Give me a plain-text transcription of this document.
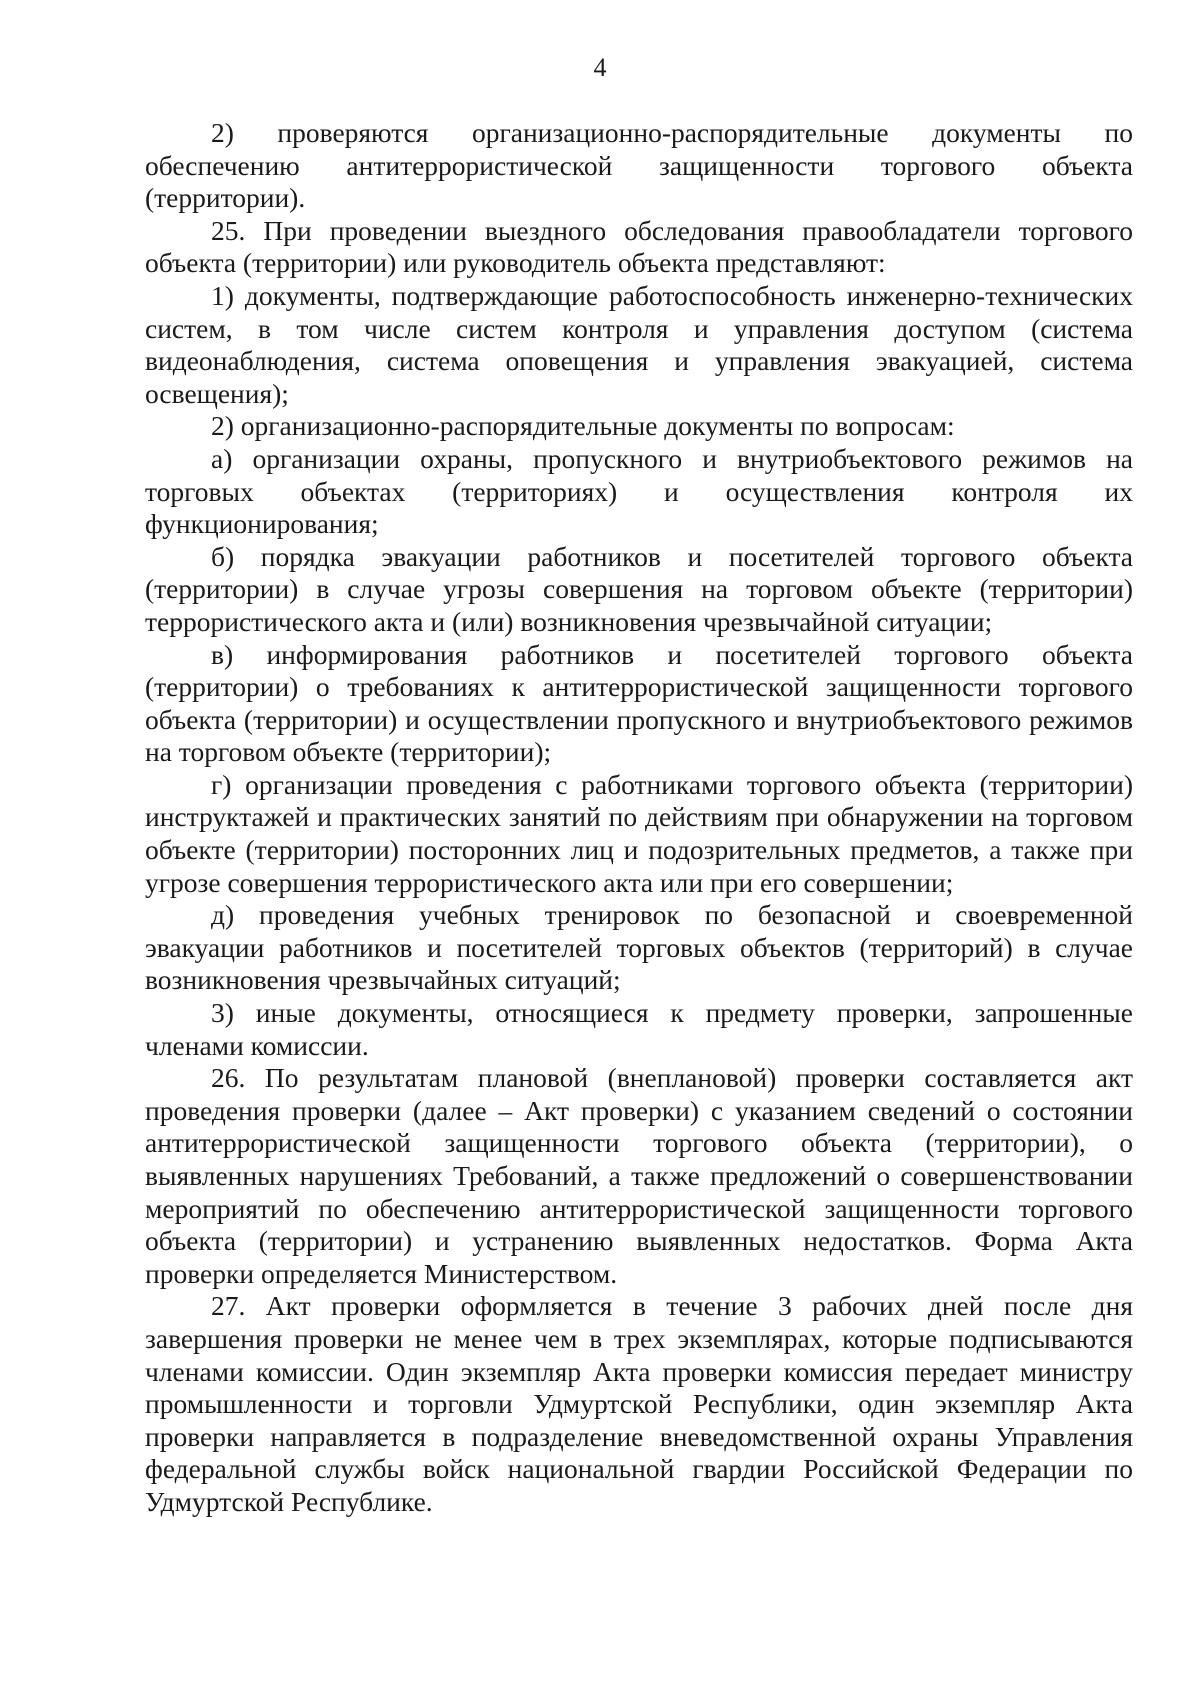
4

2) проверяются организационно-распорядительные документы по обеспечению антитеррористической защищенности торгового объекта (территории).

25. При проведении выездного обследования правообладатели торгового объекта (территории) или руководитель объекта представляют:

1) документы, подтверждающие работоспособность инженерно-технических систем, в том числе систем контроля и управления доступом (система видеонаблюдения, система оповещения и управления эвакуацией, система освещения);

2) организационно-распорядительные документы по вопросам:

а) организации охраны, пропускного и внутриобъектового режимов на торговых объектах (территориях) и осуществления контроля их функционирования;

б) порядка эвакуации работников и посетителей торгового объекта (территории) в случае угрозы совершения на торговом объекте (территории) террористического акта и (или) возникновения чрезвычайной ситуации;

в) информирования работников и посетителей торгового объекта (территории) о требованиях к антитеррористической защищенности торгового объекта (территории) и осуществлении пропускного и внутриобъектового режимов на торговом объекте (территории);

г) организации проведения с работниками торгового объекта (территории) инструктажей и практических занятий по действиям при обнаружении на торговом объекте (территории) посторонних лиц и подозрительных предметов, а также при угрозе совершения террористического акта или при его совершении;

д) проведения учебных тренировок по безопасной и своевременной эвакуации работников и посетителей торговых объектов (территорий) в случае возникновения чрезвычайных ситуаций;

3) иные документы, относящиеся к предмету проверки, запрошенные членами комиссии.

26. По результатам плановой (внеплановой) проверки составляется акт проведения проверки (далее – Акт проверки) с указанием сведений о состоянии антитеррористической защищенности торгового объекта (территории), о выявленных нарушениях Требований, а также предложений о совершенствовании мероприятий по обеспечению антитеррористической защищенности торгового объекта (территории) и устранению выявленных недостатков. Форма Акта проверки определяется Министерством.

27. Акт проверки оформляется в течение 3 рабочих дней после дня завершения проверки не менее чем в трех экземплярах, которые подписываются членами комиссии. Один экземпляр Акта проверки комиссия передает министру промышленности и торговли Удмуртской Республики, один экземпляр Акта проверки направляется в подразделение вневедомственной охраны Управления федеральной службы войск национальной гвардии Российской Федерации по Удмуртской Республике.
